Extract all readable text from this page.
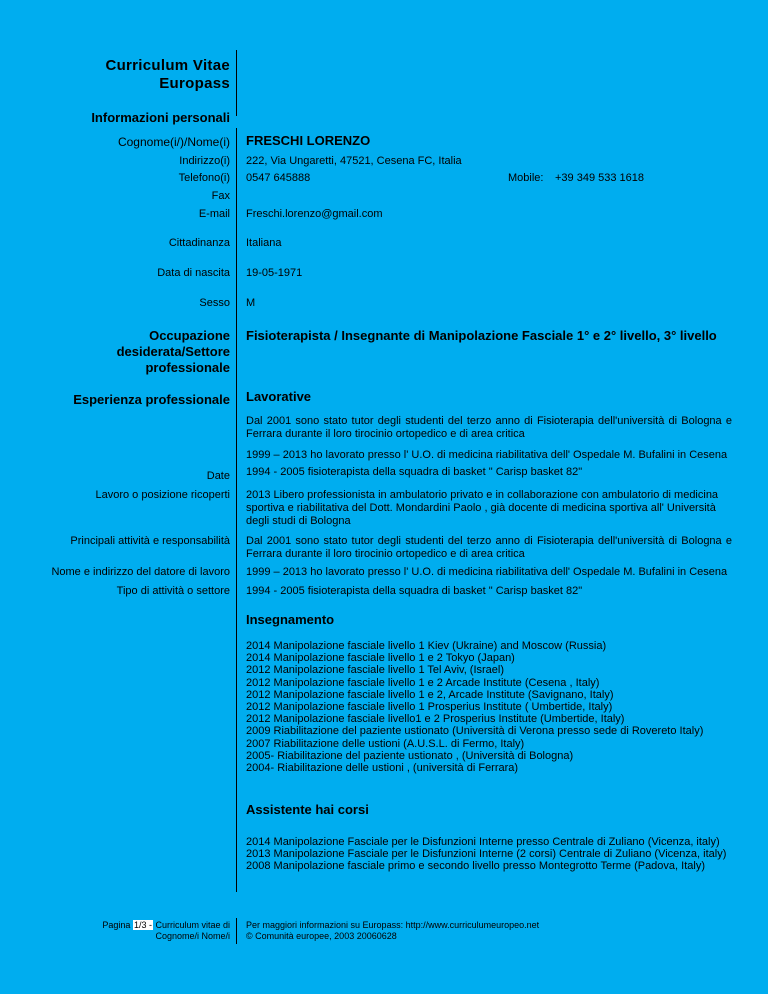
Curriculum Vitae
Europass
Informazioni personali
Cognome(i/)/Nome(i) FRESCHI LORENZO
Indirizzo(i) 222, Via Ungaretti, 47521, Cesena FC, Italia
Telefono(i) 0547 645888	Mobile: +39 349 533 1618
Fax
E-mail Freschi.lorenzo@gmail.com
Cittadinanza Italiana
Data di nascita 19-05-1971
Sesso M
Occupazione
desiderata/Settore
professionale
Fisioterapista / Insegnante di Manipolazione Fasciale 1° e 2° livello, 3° livello
Esperienza professionale Lavorative
Dal 2001 sono stato tutor degli studenti del terzo anno di Fisioterapia dell'università di Bologna e Ferrara durante il loro tirocinio ortopedico e di area critica
1999 – 2013 ho lavorato presso l' U.O. di medicina riabilitativa dell' Ospedale M. Bufalini in Cesena
Date 1994 - 2005 fisioterapista della squadra di basket " Carisp basket 82"
Lavoro o posizione ricoperti 2013 Libero professionista in ambulatorio privato e in collaborazione con ambulatorio di medicina sportiva e riabilitativa del Dott. Mondardini Paolo , già docente di medicina sportiva all' Università degli studi di Bologna
Principali attività e responsabilità Dal 2001 sono stato tutor degli studenti del terzo anno di Fisioterapia dell'università di Bologna e Ferrara durante il loro tirocinio ortopedico e di area critica
Nome e indirizzo del datore di lavoro 1999 – 2013 ho lavorato presso l' U.O. di medicina riabilitativa dell' Ospedale M. Bufalini in Cesena
Tipo di attività o settore 1994 - 2005 fisioterapista della squadra di basket " Carisp basket 82"
Insegnamento
2014 Manipolazione fasciale livello 1 Kiev (Ukraine) and Moscow (Russia)
2014 Manipolazione fasciale livello 1 e 2 Tokyo (Japan)
2012 Manipolazione fasciale livello 1 Tel Aviv, (Israel)
2012 Manipolazione fasciale livello 1 e 2 Arcade Institute (Cesena , Italy)
2012 Manipolazione fasciale livello 1 e 2, Arcade Institute (Savignano, Italy)
2012 Manipolazione fasciale livello 1 Prosperius Institute ( Umbertide, Italy)
2012 Manipolazione fasciale livello1 e 2 Prosperius Institute (Umbertide, Italy)
2009 Riabilitazione del paziente ustionato (Università di Verona presso sede di Rovereto Italy)
2007 Riabilitazione delle ustioni (A.U.S.L. di Fermo, Italy)
2005- Riabilitazione del paziente ustionato , (Università di Bologna)
2004- Riabilitazione delle ustioni , (università di Ferrara)
Assistente hai corsi
2014 Manipolazione Fasciale per le Disfunzioni Interne presso Centrale di Zuliano (Vicenza, italy)
2013 Manipolazione Fasciale per le Disfunzioni Interne (2 corsi) Centrale di Zuliano (Vicenza, italy)
2008 Manipolazione fasciale primo e secondo livello presso Montegrotto Terme (Padova, Italy)
Pagina 1/3 - Curriculum vitae di
Cognome/i Nome/i
Per maggiori informazioni su Europass: http://www.curriculumeuropeo.net
© Comunità europee, 2003 20060628
